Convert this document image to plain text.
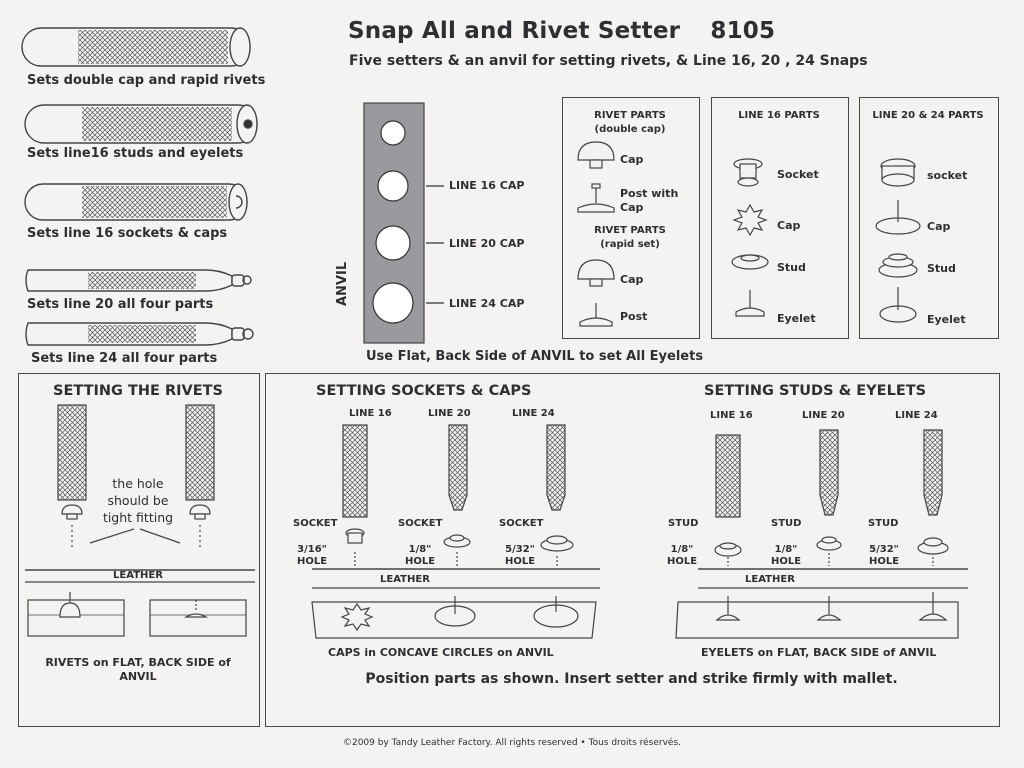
Snap All and Rivet Setter 8105
Five setters & an anvil for setting rivets, & Line 16, 20 , 24 Snaps
Sets double cap and rapid rivets
Sets line16 studs and eyelets
Sets line 16 sockets & caps
Sets line 20 all four parts
Sets line 24 all four parts
ANVIL
LINE 16 CAP
LINE 20 CAP
LINE 24 CAP
Use Flat, Back Side of ANVIL to set All Eyelets
RIVET PARTS
(double cap)
Cap
Post with Cap
RIVET PARTS
(rapid set)
Cap
Post
LINE 16 PARTS
Socket
Cap
Stud
Eyelet
LINE 20 & 24 PARTS
socket
Cap
Stud
Eyelet
SETTING THE RIVETS
the hole
should be
tight fitting
LEATHER
RIVETS on FLAT, BACK SIDE of ANVIL
SETTING SOCKETS & CAPS
LINE 16	LINE 20	LINE 24
SOCKET	SOCKET	SOCKET
3/16"
HOLE
1/8"
HOLE
5/32"
HOLE
LEATHER
CAPS in CONCAVE CIRCLES on ANVIL
SETTING STUDS & EYELETS
LINE 16	LINE 20	LINE 24
STUD	STUD	STUD
1/8"
HOLE
1/8"
HOLE
5/32"
HOLE
LEATHER
EYELETS on FLAT, BACK SIDE of ANVIL
Position parts as shown. Insert setter and strike firmly with mallet.
©2009 by Tandy Leather Factory. All rights reserved • Tous droits réservés.
